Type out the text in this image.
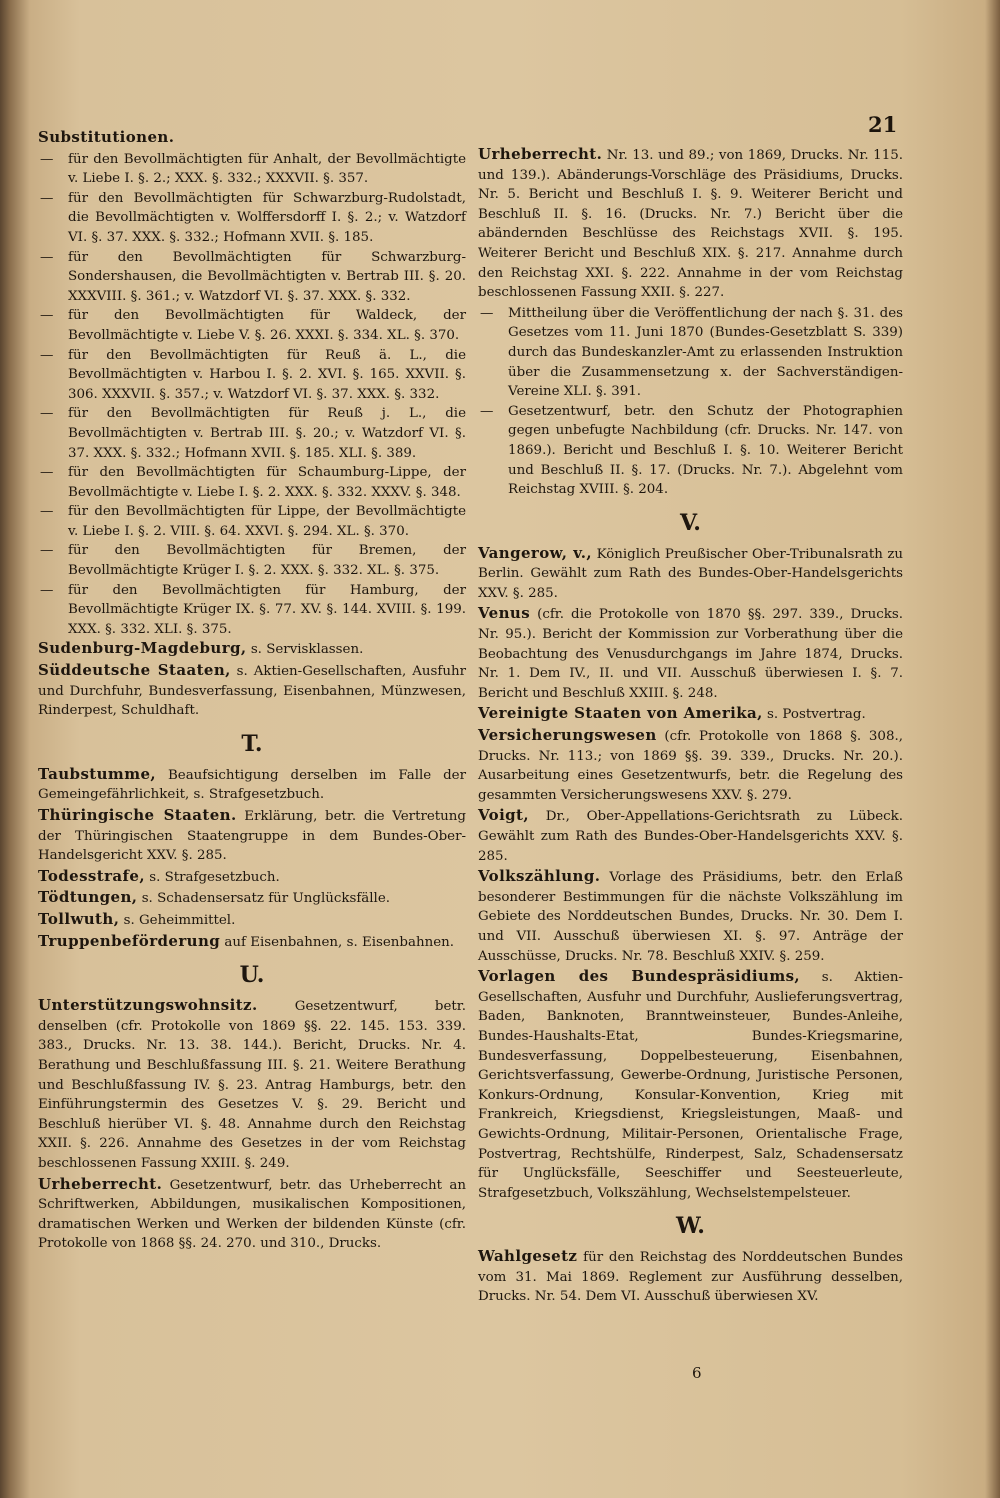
21
Substitutionen.
— für den Bevollmächtigten für Anhalt, der Bevollmächtigte v. Liebe I. §. 2.; XXX. §. 332.; XXXVII. §. 357.
— für den Bevollmächtigten für Schwarzburg-Rudolstadt, die Bevollmächtigten v. Wolffersdorff I. §. 2.; v. Watzdorf VI. §. 37. XXX. §. 332.; Hofmann XVII. §. 185.
— für den Bevollmächtigten für Schwarzburg-Sondershausen, die Bevollmächtigten v. Bertrab III. §. 20. XXXVIII. §. 361.; v. Watzdorf VI. §. 37. XXX. §. 332.
— für den Bevollmächtigten für Waldeck, der Bevollmächtigte v. Liebe V. §. 26. XXXI. §. 334. XL. §. 370.
— für den Bevollmächtigten für Reuß ä. L., die Bevollmächtigten v. Harbou I. §. 2. XVI. §. 165. XXVII. §. 306. XXXVII. §. 357.; v. Watzdorf VI. §. 37. XXX. §. 332.
— für den Bevollmächtigten für Reuß j. L., die Bevollmächtigten v. Bertrab III. §. 20.; v. Watzdorf VI. §. 37. XXX. §. 332.; Hofmann XVII. §. 185. XLI. §. 389.
— für den Bevollmächtigten für Schaumburg-Lippe, der Bevollmächtigte v. Liebe I. §. 2. XXX. §. 332. XXXV. §. 348.
— für den Bevollmächtigten für Lippe, der Bevollmächtigte v. Liebe I. §. 2. VIII. §. 64. XXVI. §. 294. XL. §. 370.
— für den Bevollmächtigten für Bremen, der Bevollmächtigte Krüger I. §. 2. XXX. §. 332. XL. §. 375.
— für den Bevollmächtigten für Hamburg, der Bevollmächtigte Krüger IX. §. 77. XV. §. 144. XVIII. §. 199. XXX. §. 332. XLI. §. 375.
Sudenburg-Magdeburg, s. Servisklassen.
Süddeutsche Staaten, s. Aktien-Gesellschaften, Ausfuhr und Durchfuhr, Bundesverfassung, Eisenbahnen, Münzwesen, Rinderpest, Schuldhaft.
T.
Taubstumme, Beaufsichtigung derselben im Falle der Gemeingefährlichkeit, s. Strafgesetzbuch.
Thüringische Staaten. Erklärung, betr. die Vertretung der Thüringischen Staatengruppe in dem Bundes-Ober-Handelsgericht XXV. §. 285.
Todesstrafe, s. Strafgesetzbuch.
Tödtungen, s. Schadensersatz für Unglücksfälle.
Tollwuth, s. Geheimmittel.
Truppenbeförderung auf Eisenbahnen, s. Eisenbahnen.
U.
Unterstützungswohnsitz.	Gesetzentwurf, betr. denselben (cfr. Protokolle von 1869 §§. 22. 145. 153. 339. 383., Drucks. Nr. 13. 38. 144.). Bericht, Drucks. Nr. 4. Berathung und Beschlußfassung III. §. 21. Weitere Berathung und Beschlußfassung IV. §. 23. Antrag Hamburgs, betr. den Einführungstermin des Gesetzes V. §. 29. Bericht und Beschluß hierüber VI. §. 48. Annahme durch den Reichstag XXII. §. 226. Annahme des Gesetzes in der vom Reichstag beschlossenen Fassung XXIII. §. 249.
Urheberrecht. Gesetzentwurf, betr. das Urheberrecht an Schriftwerken, Abbildungen, musikalischen Kompositionen, dramatischen Werken und Werken der bildenden Künste (cfr. Protokolle von 1868 §§. 24. 270. und 310., Drucks.
Urheberrecht. Nr. 13. und 89.; von 1869, Drucks. Nr. 115. und 139.). Abänderungs-Vorschläge des Präsidiums, Drucks. Nr. 5. Bericht und Beschluß I. §. 9. Weiterer Bericht und Beschluß II. §. 16. (Drucks. Nr. 7.) Bericht über die abändernden Beschlüsse des Reichstags XVII. §. 195. Weiterer Bericht und Beschluß XIX. §. 217. Annahme durch den Reichstag XXI. §. 222. Annahme in der vom Reichstag beschlossenen Fassung XXII. §. 227.
— Mittheilung über die Veröffentlichung der nach §. 31. des Gesetzes vom 11. Juni 1870 (Bundes-Gesetzblatt S. 339) durch das Bundeskanzler-Amt zu erlassenden Instruktion über die Zusammensetzung x. der Sachverständigen-Vereine XLI. §. 391.
— Gesetzentwurf, betr. den Schutz der Photographien gegen unbefugte Nachbildung (cfr. Drucks. Nr. 147. von 1869.). Bericht und Beschluß I. §. 10. Weiterer Bericht und Beschluß II. §. 17. (Drucks. Nr. 7.). Abgelehnt vom Reichstag XVIII. §. 204.
V.
Vangerow, v., Königlich Preußischer Ober-Tribunalsrath zu Berlin. Gewählt zum Rath des Bundes-Ober-Handelsgerichts XXV. §. 285.
Venus (cfr. die Protokolle von 1870 §§. 297. 339., Drucks. Nr. 95.). Bericht der Kommission zur Vorberathung über die Beobachtung des Venusdurchgangs im Jahre 1874, Drucks. Nr. 1. Dem IV., II. und VII. Ausschuß überwiesen I. §. 7. Bericht und Beschluß XXIII. §. 248.
Vereinigte Staaten von Amerika, s. Postvertrag.
Versicherungswesen (cfr. Protokolle von 1868 §. 308., Drucks. Nr. 113.; von 1869 §§. 39. 339., Drucks. Nr. 20.). Ausarbeitung eines Gesetzentwurfs, betr. die Regelung des gesammten Versicherungswesens XXV. §. 279.
Voigt, Dr., Ober-Appellations-Gerichtsrath zu Lübeck. Gewählt zum Rath des Bundes-Ober-Handelsgerichts XXV. §. 285.
Volkszählung. Vorlage des Präsidiums, betr. den Erlaß besonderer Bestimmungen für die nächste Volkszählung im Gebiete des Norddeutschen Bundes, Drucks. Nr. 30. Dem I. und VII. Ausschuß überwiesen XI. §. 97. Anträge der Ausschüsse, Drucks. Nr. 78. Beschluß XXIV. §. 259.
Vorlagen des Bundespräsidiums, s. Aktien-Gesellschaften, Ausfuhr und Durchfuhr, Auslieferungsvertrag, Baden, Banknoten, Branntweinsteuer, Bundes-Anleihe, Bundes-Haushalts-Etat, Bundes-Kriegsmarine, Bundesverfassung, Doppelbesteuerung, Eisenbahnen, Gerichtsverfassung, Gewerbe-Ordnung, Juristische Personen, Konkurs-Ordnung, Konsular-Konvention, Krieg mit Frankreich, Kriegsdienst, Kriegsleistungen, Maaß- und Gewichts-Ordnung, Militair-Personen, Orientalische Frage, Postvertrag, Rechtshülfe, Rinderpest, Salz, Schadensersatz für Unglücksfälle, Seeschiffer und Seesteuerleute, Strafgesetzbuch, Volkszählung, Wechselstempelsteuer.
W.
Wahlgesetz für den Reichstag des Norddeutschen Bundes vom 31. Mai 1869. Reglement zur Ausführung desselben, Drucks. Nr. 54. Dem VI. Ausschuß überwiesen XV.
6
